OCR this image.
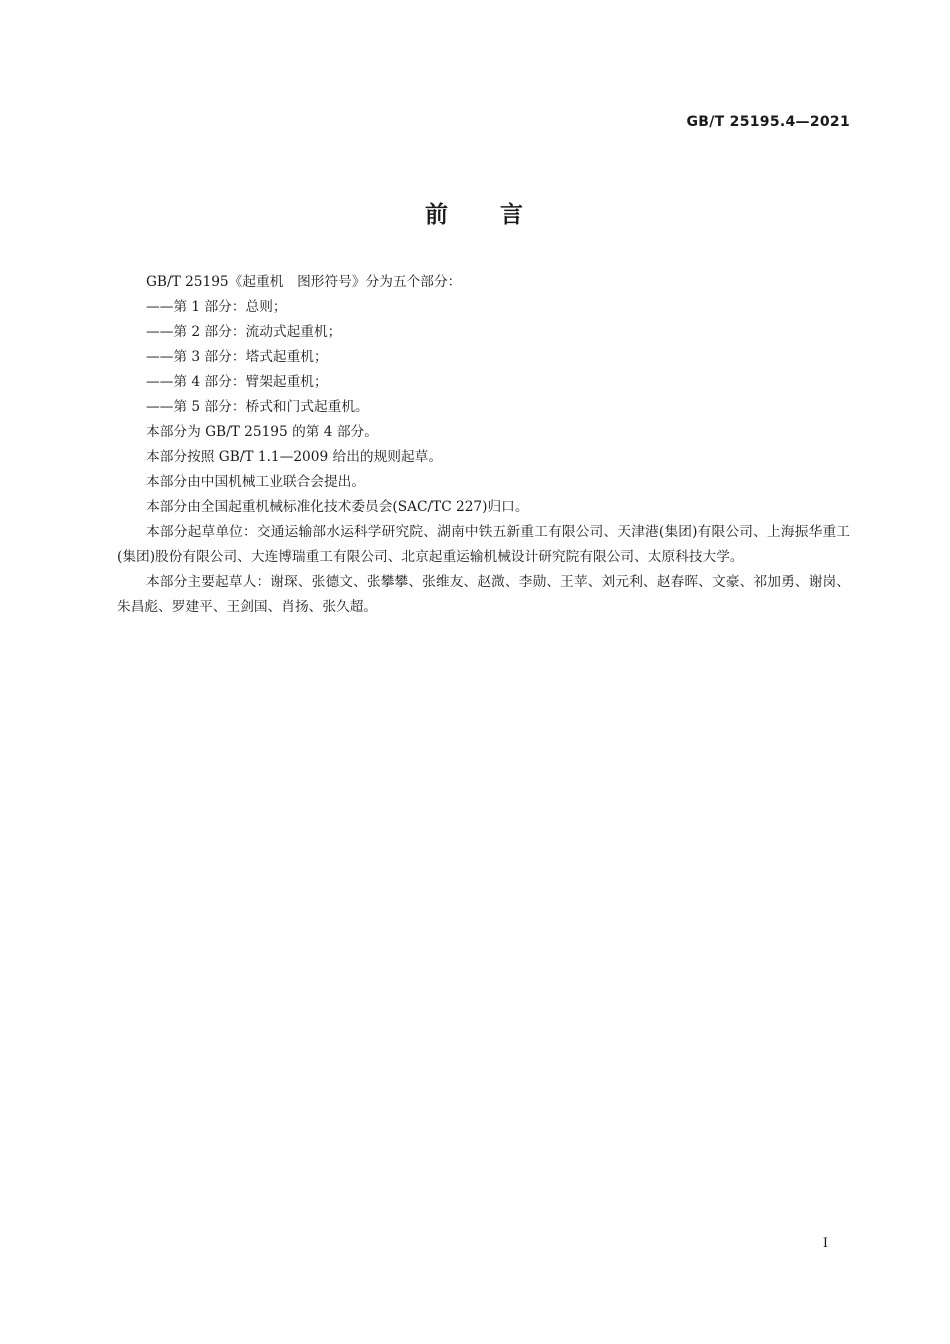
GB/T 25195.4—2021
前 言

GB/T 25195《起重机　图形符号》分为五个部分：

——第 1 部分：总则；

——第 2 部分：流动式起重机；

——第 3 部分：塔式起重机；

——第 4 部分：臂架起重机；

——第 5 部分：桥式和门式起重机。

本部分为 GB/T 25195 的第 4 部分。

本部分按照 GB/T 1.1—2009 给出的规则起草。

本部分由中国机械工业联合会提出。

本部分由全国起重机械标准化技术委员会(SAC/TC 227)归口。

本部分起草单位：交通运输部水运科学研究院、湖南中铁五新重工有限公司、天津港(集团)有限公司、上海振华重工(集团)股份有限公司、大连博瑞重工有限公司、北京起重运输机械设计研究院有限公司、太原科技大学。

本部分主要起草人：谢琛、张德文、张攀攀、张维友、赵溦、李勋、王苹、刘元利、赵春晖、文豪、祁加勇、谢岗、朱昌彪、罗建平、王剑国、肖扬、张久超。

I
